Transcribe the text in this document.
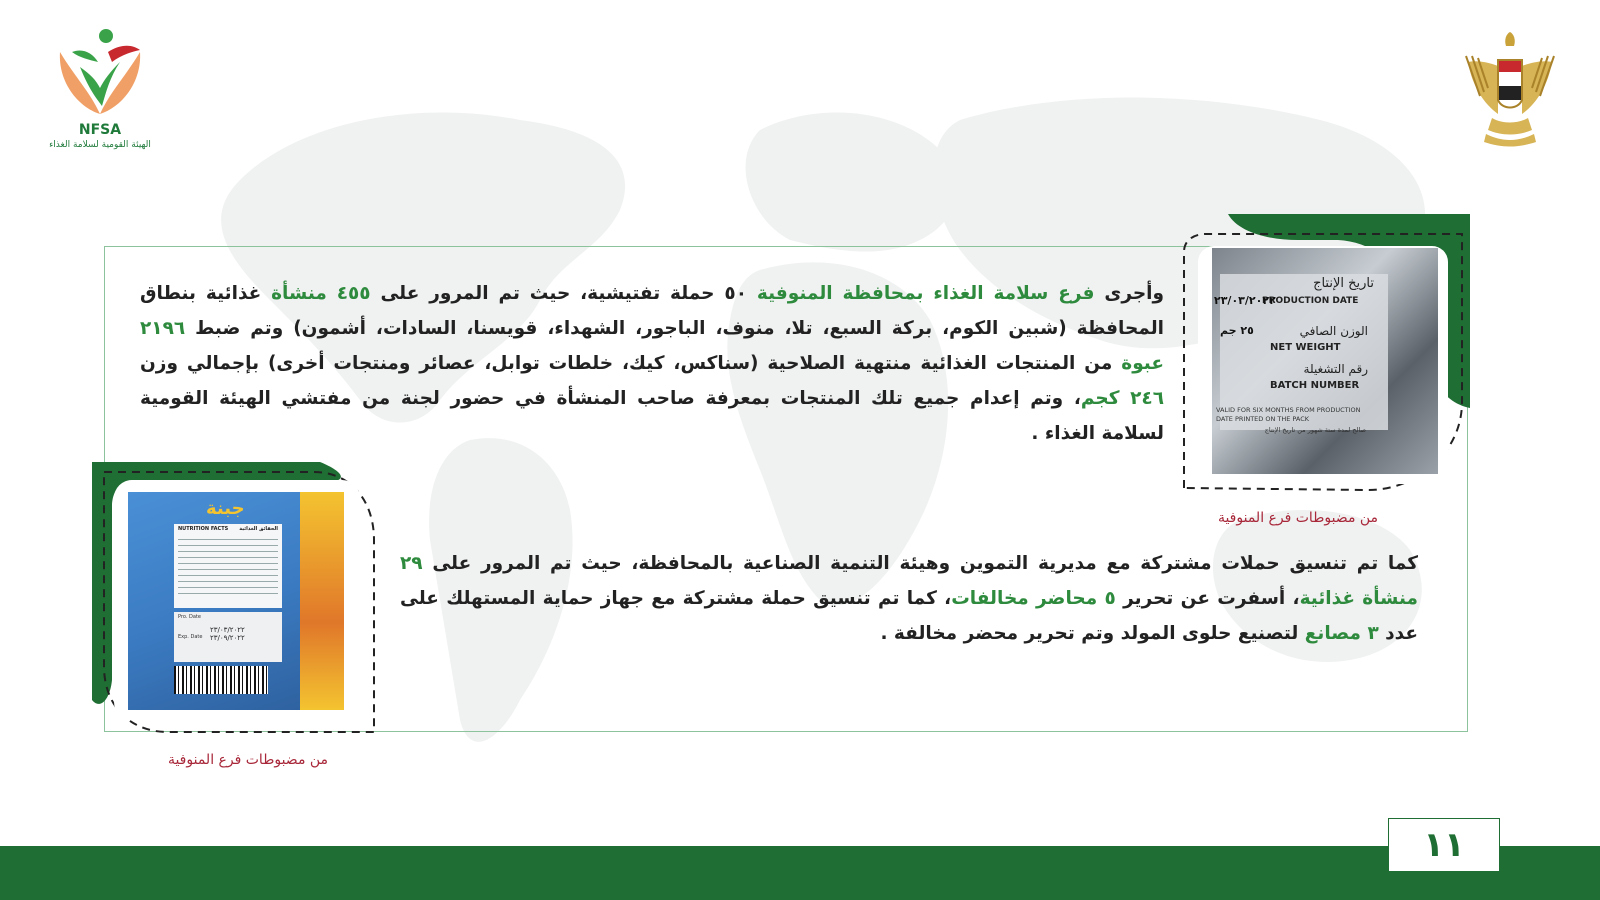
NFSA
الهيئة القومية لسلامة الغذاء
تاريخ الإنتاج
PRODUCTION DATE
٢٣/٠٣/٢٠٢٢
الوزن الصافي
٢٥ جم
NET WEIGHT
رقم التشغيلة
BATCH NUMBER
VALID FOR SIX MONTHS FROM PRODUCTION DATE PRINTED ON THE PACK
صالح لمدة ستة شهور من تاريخ الإنتاج
من مضبوطات فرع المنوفية
جبنة
NUTRITION FACTS الحقائق الغذائية
Pro. Date
Exp. Date
٢٣/٠٣/٢٠٢٢ ٢٣/٠٩/٢٠٢٢
من مضبوطات فرع المنوفية
وأجرى فرع سلامة الغذاء بمحافظة المنوفية ٥٠ حملة تفتيشية، حيث تم المرور على ٤٥٥ منشأة غذائية بنطاق المحافظة (شبين الكوم، بركة السبع، تلا، منوف، الباجور، الشهداء، قويسنا، السادات، أشمون) وتم ضبط ٢١٩٦ عبوة من المنتجات الغذائية منتهية الصلاحية (سناكس، كيك، خلطات توابل، عصائر ومنتجات أخرى) بإجمالي وزن ٢٤٦ كجم، وتم إعدام جميع تلك المنتجات بمعرفة صاحب المنشأة في حضور لجنة من مفتشي الهيئة القومية لسلامة الغذاء .
كما تم تنسيق حملات مشتركة مع مديرية التموين وهيئة التنمية الصناعية بالمحافظة، حيث تم المرور على ٢٩ منشأة غذائية، أسفرت عن تحرير ٥ محاضر مخالفات، كما تم تنسيق حملة مشتركة مع جهاز حماية المستهلك على عدد ٣ مصانع لتصنيع حلوى المولد وتم تحرير محضر مخالفة .
١١
